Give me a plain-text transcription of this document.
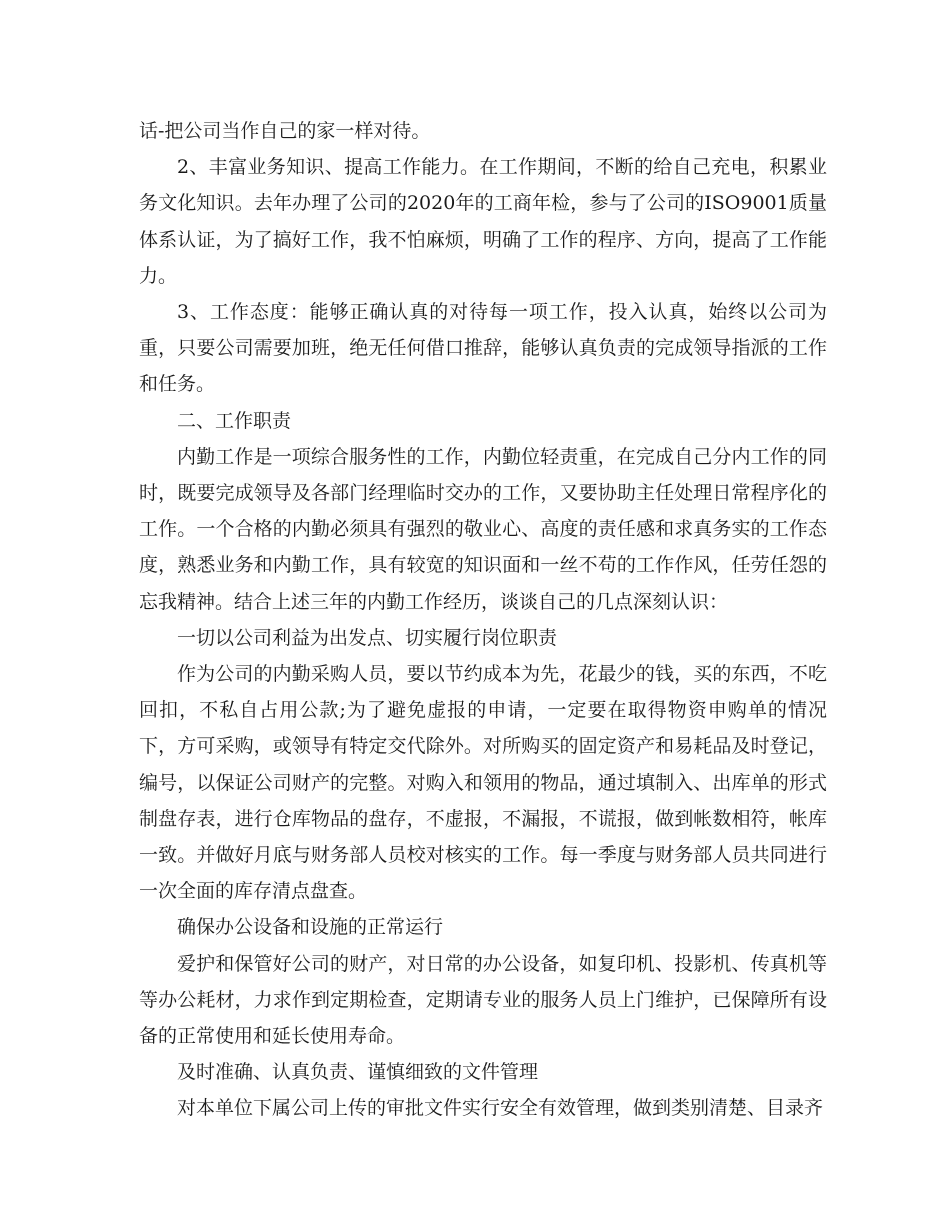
话-把公司当作自己的家一样对待。

2、丰富业务知识、提高工作能力。在工作期间，不断的给自己充电，积累业务文化知识。去年办理了公司的2020年的工商年检，参与了公司的ISO9001质量体系认证，为了搞好工作，我不怕麻烦，明确了工作的程序、方向，提高了工作能力。

3、工作态度：能够正确认真的对待每一项工作，投入认真，始终以公司为重，只要公司需要加班，绝无任何借口推辞，能够认真负责的完成领导指派的工作和任务。

二、工作职责

内勤工作是一项综合服务性的工作，内勤位轻责重，在完成自己分内工作的同时，既要完成领导及各部门经理临时交办的工作，又要协助主任处理日常程序化的工作。一个合格的内勤必须具有强烈的敬业心、高度的责任感和求真务实的工作态度，熟悉业务和内勤工作，具有较宽的知识面和一丝不苟的工作作风，任劳任怨的忘我精神。结合上述三年的内勤工作经历，谈谈自己的几点深刻认识：

一切以公司利益为出发点、切实履行岗位职责

作为公司的内勤采购人员，要以节约成本为先，花最少的钱，买的东西，不吃回扣，不私自占用公款;为了避免虚报的申请，一定要在取得物资申购单的情况下，方可采购，或领导有特定交代除外。对所购买的固定资产和易耗品及时登记，编号，以保证公司财产的完整。对购入和领用的物品，通过填制入、出库单的形式制盘存表，进行仓库物品的盘存，不虚报，不漏报，不谎报，做到帐数相符，帐库一致。并做好月底与财务部人员校对核实的工作。每一季度与财务部人员共同进行一次全面的库存清点盘查。

确保办公设备和设施的正常运行

爱护和保管好公司的财产，对日常的办公设备，如复印机、投影机、传真机等等办公耗材，力求作到定期检查，定期请专业的服务人员上门维护，已保障所有设备的正常使用和延长使用寿命。

及时准确、认真负责、谨慎细致的文件管理

对本单位下属公司上传的审批文件实行安全有效管理，做到类别清楚、目录齐
